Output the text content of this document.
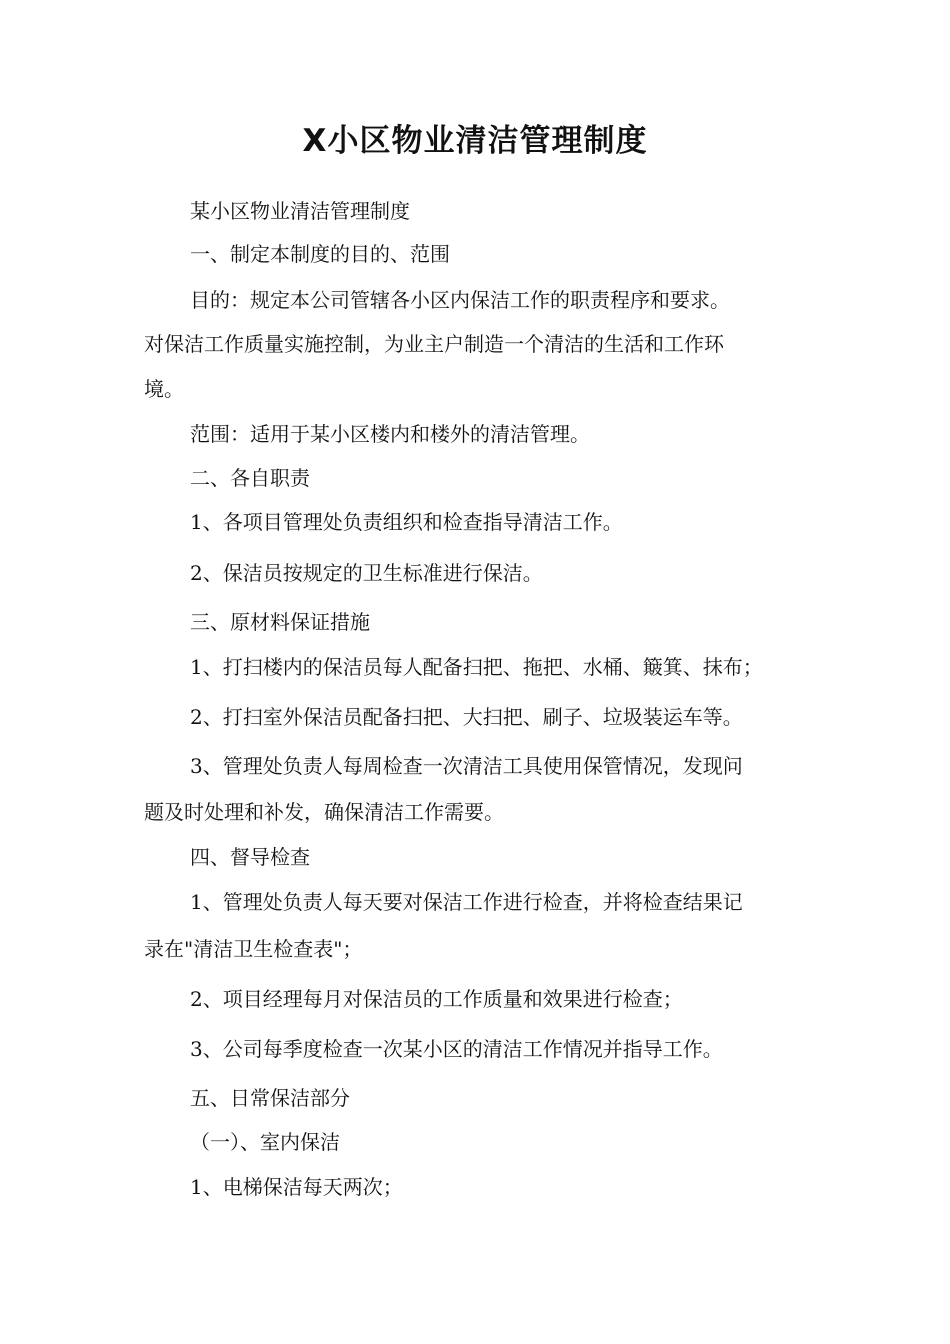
X小区物业清洁管理制度

某小区物业清洁管理制度

一、制定本制度的目的、范围

目的：规定本公司管辖各小区内保洁工作的职责程序和要求。

对保洁工作质量实施控制，为业主户制造一个清洁的生活和工作环

境。

范围：适用于某小区楼内和楼外的清洁管理。

二、各自职责

1、各项目管理处负责组织和检查指导清洁工作。

2、保洁员按规定的卫生标准进行保洁。

三、原材料保证措施

1、打扫楼内的保洁员每人配备扫把、拖把、水桶、簸箕、抹布；

2、打扫室外保洁员配备扫把、大扫把、刷子、垃圾装运车等。

3、管理处负责人每周检查一次清洁工具使用保管情况，发现问

题及时处理和补发，确保清洁工作需要。

四、督导检查

1、管理处负责人每天要对保洁工作进行检查，并将检查结果记

录在"清洁卫生检查表"；

2、项目经理每月对保洁员的工作质量和效果进行检查；

3、公司每季度检查一次某小区的清洁工作情况并指导工作。

五、日常保洁部分

（一）、室内保洁

1、电梯保洁每天两次；
